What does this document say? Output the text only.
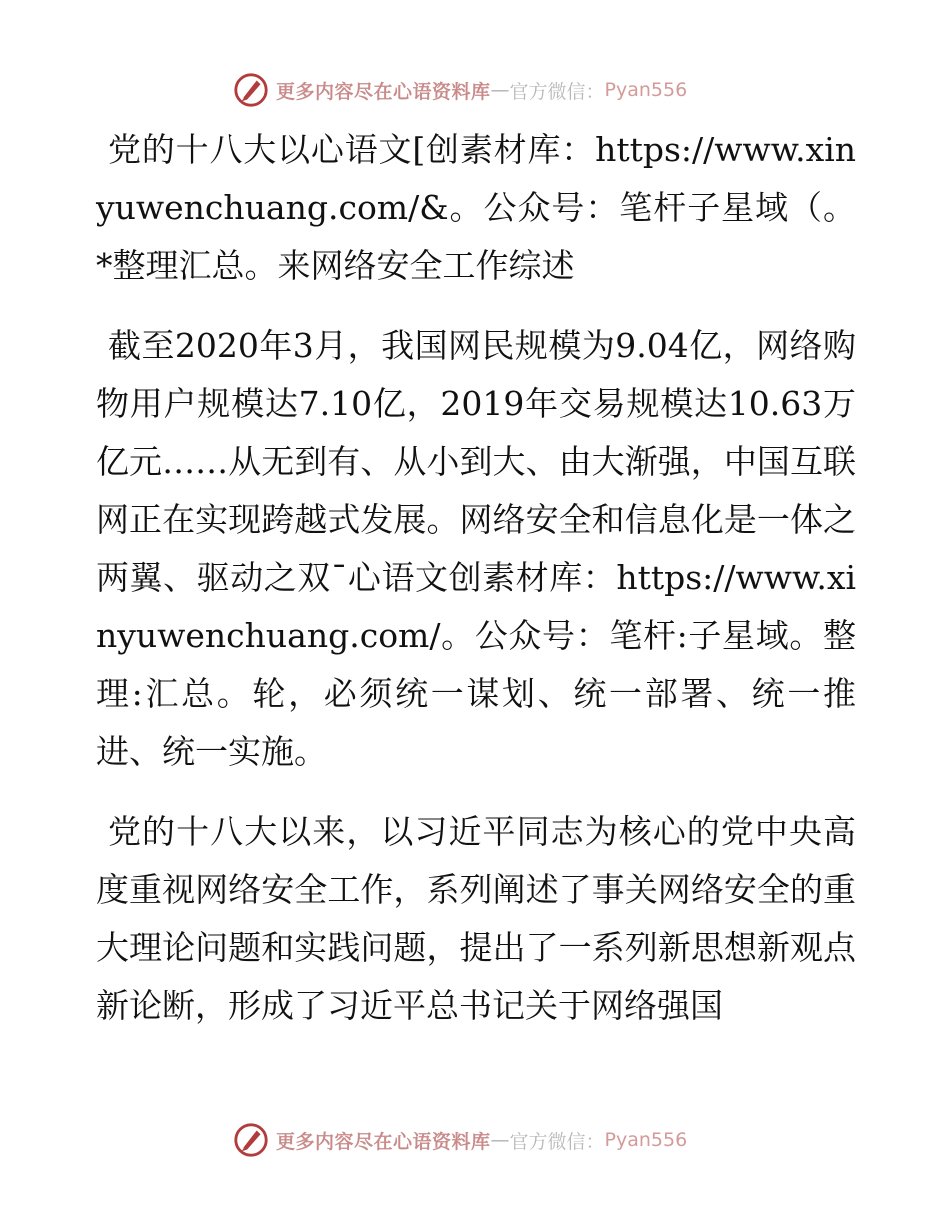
更多内容尽在心语资料库 — 官方微信： Pyan556

党的十八大以心语文[创素材库：https://www.xinyuwenchuang.com/&。公众号：笔杆子星域（。*整理汇总。来网络安全工作综述

截至2020年3月，我国网民规模为9.04亿，网络购物用户规模达7.10亿，2019年交易规模达10.63万亿元……从无到有、从小到大、由大渐强，中国互联网正在实现跨越式发展。网络安全和信息化是一体之两翼、驱动之双¯心语文创素材库：https://www.xinyuwenchuang.com/。公众号：笔杆:子星域。整理:汇总。轮，必须统一谋划、统一部署、统一推进、统一实施。

党的十八大以来，以习近平同志为核心的党中央高度重视网络安全工作，系列阐述了事关网络安全的重大理论问题和实践问题，提出了一系列新思想新观点新论断，形成了习近平总书记关于网络强国

更多内容尽在心语资料库 — 官方微信： Pyan556
